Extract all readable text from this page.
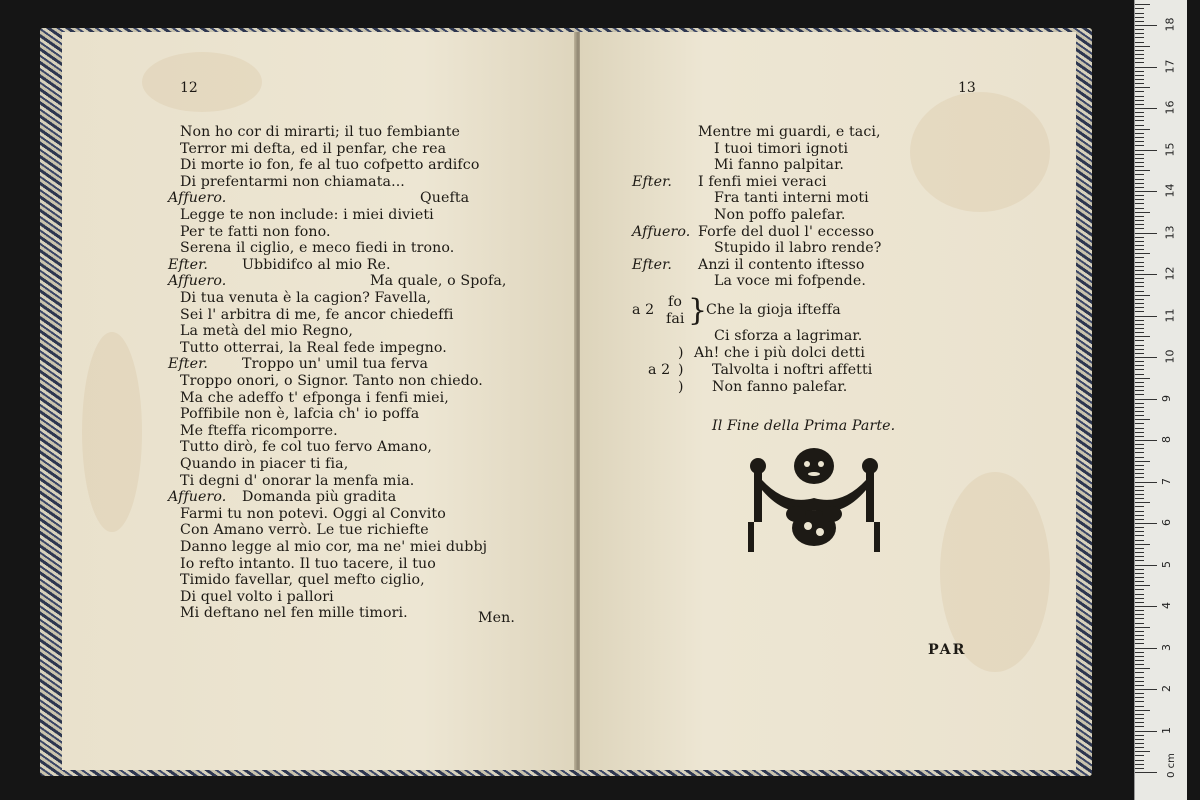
12
Non ho cor di mirarti; il tuo fembiante
Terror mi defta, ed il penfar, che rea
Di morte io fon, fe al tuo cofpetto ardifco
Di prefentarmi non chiamata...
Affuero.	Quefta
Legge te non include: i miei divieti
Per te fatti non fono.
Serena il ciglio, e meco fiedi in trono.
Efter. Ubbidifco al mio Re.
Affuero.	Ma quale, o Spofa,
Di tua venuta è la cagion? Favella,
Sei l' arbitra di me, fe ancor chiedeffi
La metà del mio Regno,
Tutto otterrai, la Real fede impegno.
Efter. Troppo un' umil tua ferva
Troppo onori, o Signor. Tanto non chiedo.
Ma che adeffo t' efponga i fenfi miei,
Poffibile non è, lafcia ch' io poffa
Me fteffa ricomporre.
Tutto dirò, fe col tuo fervo Amano,
Quando in piacer ti fia,
Ti degni d' onorar la menfa mia.
Affuero. Domanda più gradita
Farmi tu non potevi. Oggi al Convito
Con Amano verrò. Le tue richiefte
Danno legge al mio cor, ma ne' miei dubbj
Io refto intanto. Il tuo tacere, il tuo
Timido favellar, quel mefto ciglio,
Di quel volto i pallori
Mi deftano nel fen mille timori.	Men.
13
Mentre mi guardi, e taci,
I tuoi timori ignoti
Mi fanno palpitar.
Efter. I fenfi miei veraci
Fra tanti interni moti
Non poffo palefar.
Affuero. Forfe del duol l' eccesso
Stupido il labro rende?
Efter. Anzi il contento iftesso
La voce mi fofpende.
a 2 fo
fai }
Che la gioja ifteffa
Ci sforza a lagrimar.
)
)
)
a 2
Ah! che i più dolci detti
Talvolta i noftri affetti
Non fanno palefar.
Il Fine della Prima Parte.
PAR
0 cm
1
2
3
4
5
6
7
8
9
10
11
12
13
14
15
16
17
18
